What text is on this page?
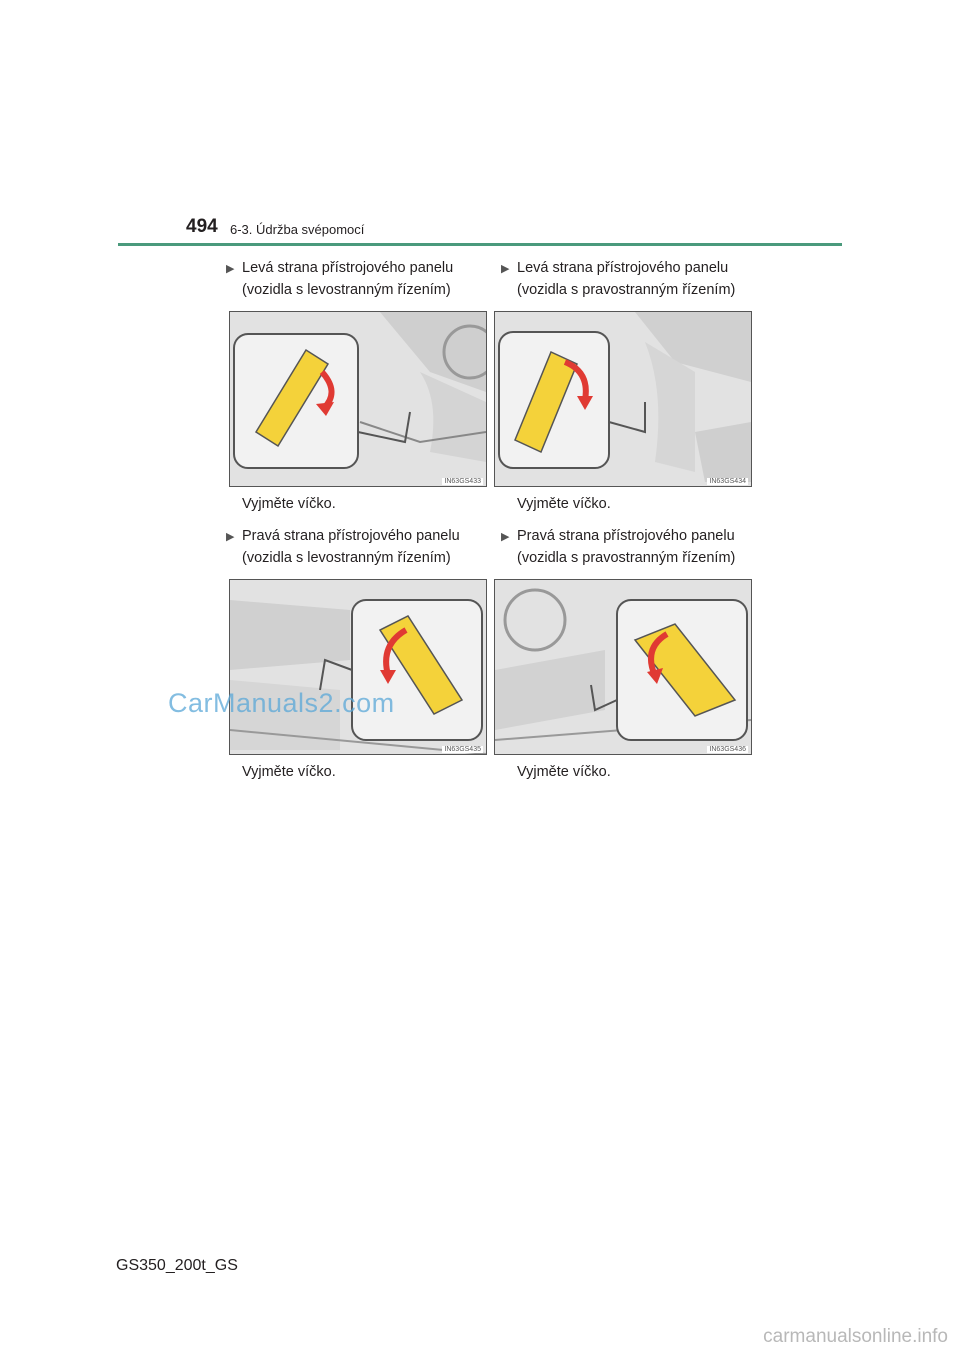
494 6-3. Údržba svépomocí
▶ Levá strana přístrojového panelu
(vozidla s levostranným řízením)
IN63GS433
Vyjměte víčko.
▶ Levá strana přístrojového panelu
(vozidla s pravostranným řízením)
IN63GS434
Vyjměte víčko.
▶ Pravá strana přístrojového panelu
(vozidla s levostranným řízením)
IN63GS435
Vyjměte víčko.
▶ Pravá strana přístrojového panelu
(vozidla s pravostranným řízením)
IN63GS436
Vyjměte víčko.
CarManuals2.com
GS350_200t_GS
carmanualsonline.info
